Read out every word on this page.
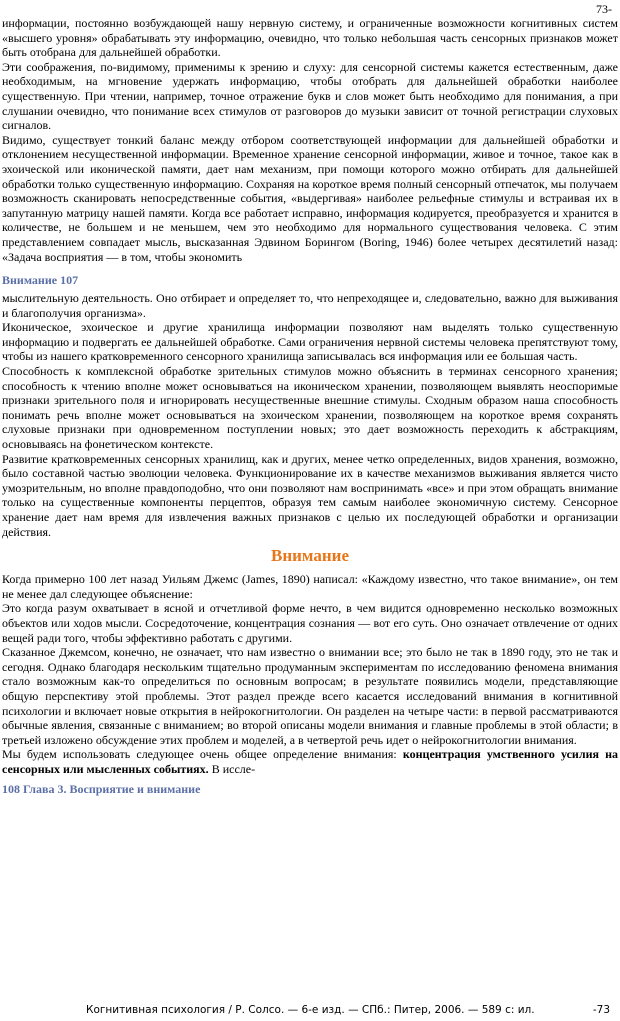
73-

информации, постоянно возбуждающей нашу нервную систему, и ограниченные возможности когнитивных систем «высшего уровня» обрабатывать эту информацию, очевидно, что только небольшая часть сенсорных признаков может быть отобрана для дальнейшей обработки.

Эти соображения, по-видимому, применимы к зрению и слуху: для сенсорной системы кажется естественным, даже необходимым, на мгновение удержать информацию, чтобы отобрать для дальнейшей обработки наиболее существенную. При чтении, например, точное отражение букв и слов может быть необходимо для понимания, а при слушании очевидно, что понимание всех стимулов от разговоров до музыки зависит от точной регистрации слуховых сигналов.

Видимо, существует тонкий баланс между отбором соответствующей информации для дальнейшей обработки и отклонением несущественной информации. Временное хранение сенсорной информации, живое и точное, такое как в эхоической или иконической памяти, дает нам механизм, при помощи которого можно отбирать для дальнейшей обработки только существенную информацию. Сохраняя на короткое время полный сенсорный отпечаток, мы получаем возможность сканировать непосредственные события, «выдергивая» наиболее рельефные стимулы и встраивая их в запутанную матрицу нашей памяти. Когда все работает исправно, информация кодируется, преобразуется и хранится в количестве, не большем и не меньшем, чем это необходимо для нормального существования человека. С этим представлением совпадает мысль, высказанная Эдвином Борингом (Boring, 1946) более четырех десятилетий назад: «Задача восприятия — в том, чтобы экономить

Внимание 107

мыслительную деятельность. Оно отбирает и определяет то, что непреходящее и, следовательно, важно для выживания и благополучия организма».

Иконическое, эхоическое и другие хранилища информации позволяют нам выделять только существенную информацию и подвергать ее дальнейшей обработке. Сами ограничения нервной системы человека препятствуют тому, чтобы из нашего кратковременного сенсорного хранилища записывалась вся информация или ее большая часть.

Способность к комплексной обработке зрительных стимулов можно объяснить в терминах сенсорного хранения; способность к чтению вполне может основываться на иконическом хранении, позволяющем выявлять неоспоримые признаки зрительного поля и игнорировать несущественные внешние стимулы. Сходным образом наша способность понимать речь вполне может основываться на эхоическом хранении, позволяющем на короткое время сохранять слуховые признаки при одновременном поступлении новых; это дает возможность переходить к абстракциям, основываясь на фонетическом контексте.

Развитие кратковременных сенсорных хранилищ, как и других, менее четко определенных, видов хранения, возможно, было составной частью эволюции человека. Функционирование их в качестве механизмов выживания является чисто умозрительным, но вполне правдоподобно, что они позволяют нам воспринимать «все» и при этом обращать внимание только на существенные компоненты перцептов, образуя тем самым наиболее экономичную систему. Сенсорное хранение дает нам время для извлечения важных признаков с целью их последующей обработки и организации действия.

Внимание

Когда примерно 100 лет назад Уильям Джемс (James, 1890) написал: «Каждому известно, что такое внимание», он тем не менее дал следующее объяснение:

Это когда разум охватывает в ясной и отчетливой форме нечто, в чем видится одновременно несколько возможных объектов или ходов мысли. Сосредоточение, концентрация сознания — вот его суть. Оно означает отвлечение от одних вещей ради того, чтобы эффективно работать с другими.

Сказанное Джемсом, конечно, не означает, что нам известно о внимании все; это было не так в 1890 году, это не так и сегодня. Однако благодаря нескольким тщательно продуманным экспериментам по исследованию феномена внимания стало возможным как-то определиться по основным вопросам; в результате появились модели, представляющие общую перспективу этой проблемы. Этот раздел прежде всего касается исследований внимания в когнитивной психологии и включает новые открытия в нейрокогнитологии. Он разделен на четыре части: в первой рассматриваются обычные явления, связанные с вниманием; во второй описаны модели внимания и главные проблемы в этой области; в третьей изложено обсуждение этих проблем и моделей, а в четвертой речь идет о нейрокогнитологии внимания.

Мы будем использовать следующее очень общее определение внимания: концентрация умственного усилия на сенсорных или мысленных событиях. В иссле-

108 Глава 3. Восприятие и внимание
Когнитивная психология / Р. Солсо. — 6-е изд. — СПб.: Питер, 2006. — 589 с: ил.	-73
